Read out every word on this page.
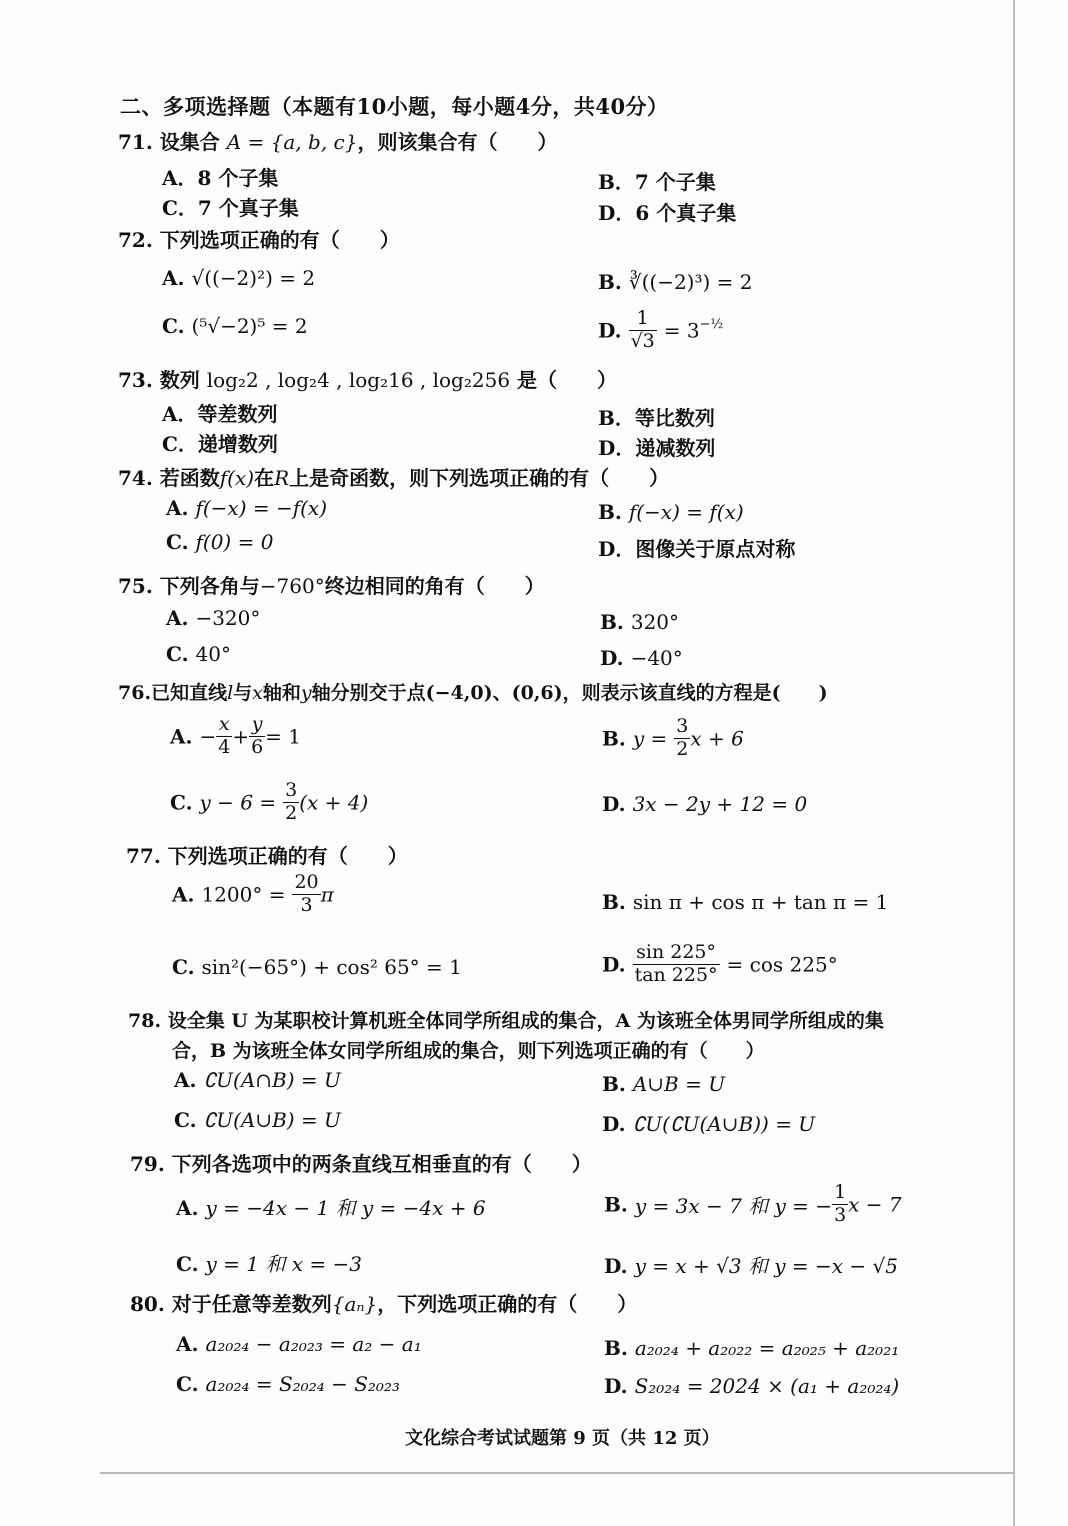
二、多项选择题（本题有10小题，每小题4分，共40分）
71. 设集合 A = {a, b, c}，则该集合有（　　）
A．8 个子集	B．7 个子集
C．7 个真子集	D．6 个真子集
72. 下列选项正确的有（　　）
A. √((−2)²) = 2	B. ∛((−2)³) = 2
C. (⁵√−2)⁵ = 2	D. $\frac{1}{√3} = 3^{-\frac{1}{2}}$
73. 数列 log₂2 , log₂4 , log₂16 , log₂256 是（　　）
A．等差数列	B．等比数列
C．递增数列	D．递减数列
74. 若函数f(x)在R上是奇函数，则下列选项正确的有（　　）
A. f(−x) = −f(x)	B. f(−x) = f(x)
C. f(0) = 0	D．图像关于原点对称
75. 下列各角与−760°终边相同的角有（　　）
A. −320°	B. 320°
C. 40°	D. −40°
76.已知直线l与x轴和y轴分别交于点(−4,0)、(0,6)，则表示该直线的方程是(　　)
A. − $\frac{x}{4} + \frac{y}{6} = 1$	B. $y = \frac{3}{2}$ x + 6
C. $y - 6 = \frac{3}{2} (x + 4)$	D. 3x − 2y + 12 = 0
77. 下列选项正确的有（　　）
A. $1200^\circ = \frac{20}{3}$ π	B. sin π + cos π + tan π = 1
C. sin²(−65°) + cos² 65° = 1	D. $\frac{\sin 225^\circ}{\tan 225^\circ} = \cos 225^\circ$
78. 设全集 U 为某职校计算机班全体同学所组成的集合，A 为该班全体男同学所组成的集
合，B 为该班全体女同学所组成的集合，则下列选项正确的有（　　）
A. ∁U(A∩B) = U	B. A∪B = U
C. ∁U(A∪B) = U	D. ∁U(∁U(A∪B)) = U
79. 下列各选项中的两条直线互相垂直的有（　　）
A. y = −4x − 1 和 y = −4x + 6	B. y = 3x − 7 和 y = − $\frac{1}{3}$ x − 7
C. y = 1 和 x = −3	D. y = x + √3 和 y = −x − √5
80. 对于任意等差数列{aₙ}，下列选项正确的有（　　）
A. a₂₀₂₄ − a₂₀₂₃ = a₂ − a₁	B. a₂₀₂₄ + a₂₀₂₂ = a₂₀₂₅ + a₂₀₂₁
C. a₂₀₂₄ = S₂₀₂₄ − S₂₀₂₃	D. S₂₀₂₄ = 2024 × (a₁ + a₂₀₂₄)
文化综合考试试题第 9 页（共 12 页）
